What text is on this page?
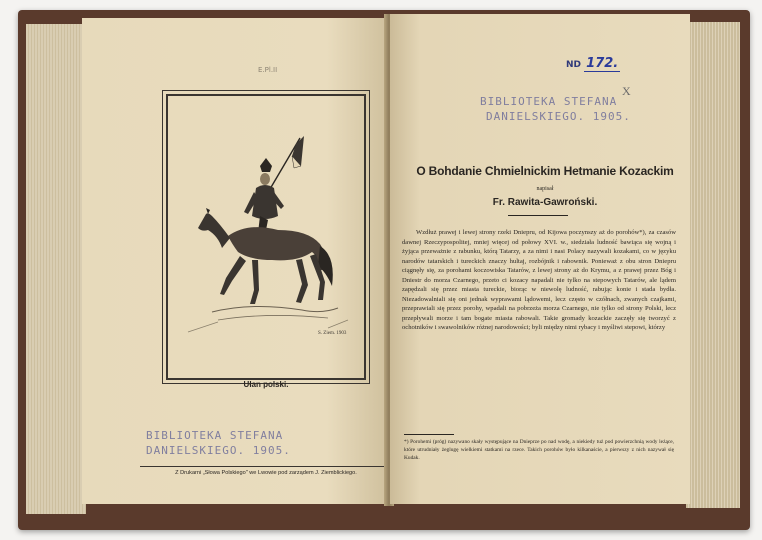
E.Pl.II
S. Ziem. 1903
Ułan polski.
BIBLIOTEKA STEFANA
DANIELSKIEGO. 1905.
Z Drukarni „Słowa Polskiego" we Lwowie pod zarządem J. Ziemblickiego.
ND 172.
X
BIBLIOTEKA STEFANA
DANIELSKIEGO. 1905.
O Bohdanie Chmielnickim Hetmanie Kozackim
napisał
Fr. Rawita-Gawroński.
Wzdłuż prawej i lewej strony rzeki Dniepru, od Kijowa poczynszy aż do porohów*), za czasów dawnej Rzeczypospolitej, mniej więcej od połowy XVI. w., siedziała ludność bawiąca się wojną i żyjąca przeważnie z rabunku, którą Tatarzy, a za nimi i nasi Polacy nazywali kozakami, co w języku narodów tatarskich i tureckich znaczy hultaj, rozbójnik i rabownik. Ponieważ z obu stron Dniepru ciągnęły się, za porohami koczowiska Tatarów, z lewej strony aż do Krymu, a z prawej przez Bóg i Dniestr do morza Czarnego, przeto ci kozacy napadali nie tylko na stepowych Tatarów, ale lądem zapędzali się przez miasta tureckie, biorąc w niewolę ludność, rabując konie i stada bydła. Niezadowalniali się oni jednak wyprawami lądowemi, lecz często w czółnach, zwanych czajkami, przeprawiali się przez porohy, wpadali na pobrzeża morza Czarnego, nie tylko od strony Polski, lecz przepływali morze i tam bogate miasta rabowali. Takie gromady kozackie zaczęły się tworzyć z ochotników i swawolników różnej narodowości; byli między nimi rybacy i myśliwi stepowi, którzy
*) Porohemi (próg) nazywano skały występujące na Dnieprze po nad wodę, a niekiedy tuż pod powierzchnią wody leżące, które utrudniały żeglugę wielkiemi statkami na rzece. Takich porohów było kilkanaście, a pierwszy z nich nazywał się Kudak.
